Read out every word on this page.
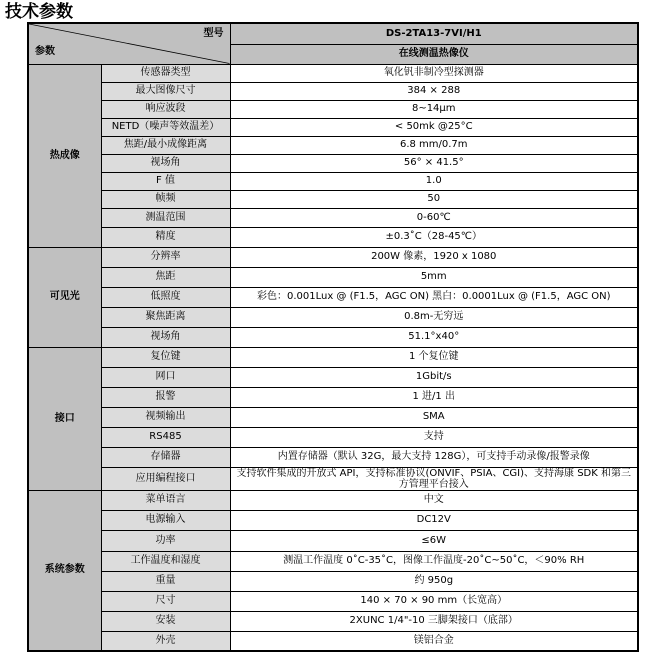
技术参数
型号
参数		DS-2TA13-7VI/H1
		在线测温热像仪
热成像	传感器类型	氧化钒非制冷型探测器
	最大图像尺寸	384 × 288
	响应波段	8~14μm
	NETD（噪声等效温差）	< 50mk @25°C
	焦距/最小成像距离	6.8 mm/0.7m
	视场角	56° × 41.5°
	F 值	1.0
	帧频	50
	测温范围	0-60℃
	精度	±0.3˚C（28-45℃）
可见光	分辨率	200W 像素，1920 x 1080
	焦距	5mm
	低照度	彩色：0.001Lux @ (F1.5，AGC ON) 黑白：0.0001Lux @ (F1.5，AGC ON)
	聚焦距离	0.8m-无穷远
	视场角	51.1°x40°
接口	复位键	1 个复位键
	网口	1Gbit/s
	报警	1 进/1 出
	视频输出	SMA
	RS485	支持
	存储器	内置存储器（默认 32G，最大支持 128G），可支持手动录像/报警录像
	应用编程接口	支持软件集成的开放式 API，支持标准协议(ONVIF、PSIA、CGI)、支持海康 SDK 和第三方管理平台接入
系统参数	菜单语言	中文
	电源输入	DC12V
	功率	≤6W
	工作温度和湿度	测温工作温度 0˚C-35˚C，图像工作温度-20˚C~50˚C，＜90% RH
	重量	约 950g
	尺寸	140 × 70 × 90 mm（长宽高）
	安装	2XUNC 1/4"-10 三脚架接口（底部）
	外壳	镁铝合金
